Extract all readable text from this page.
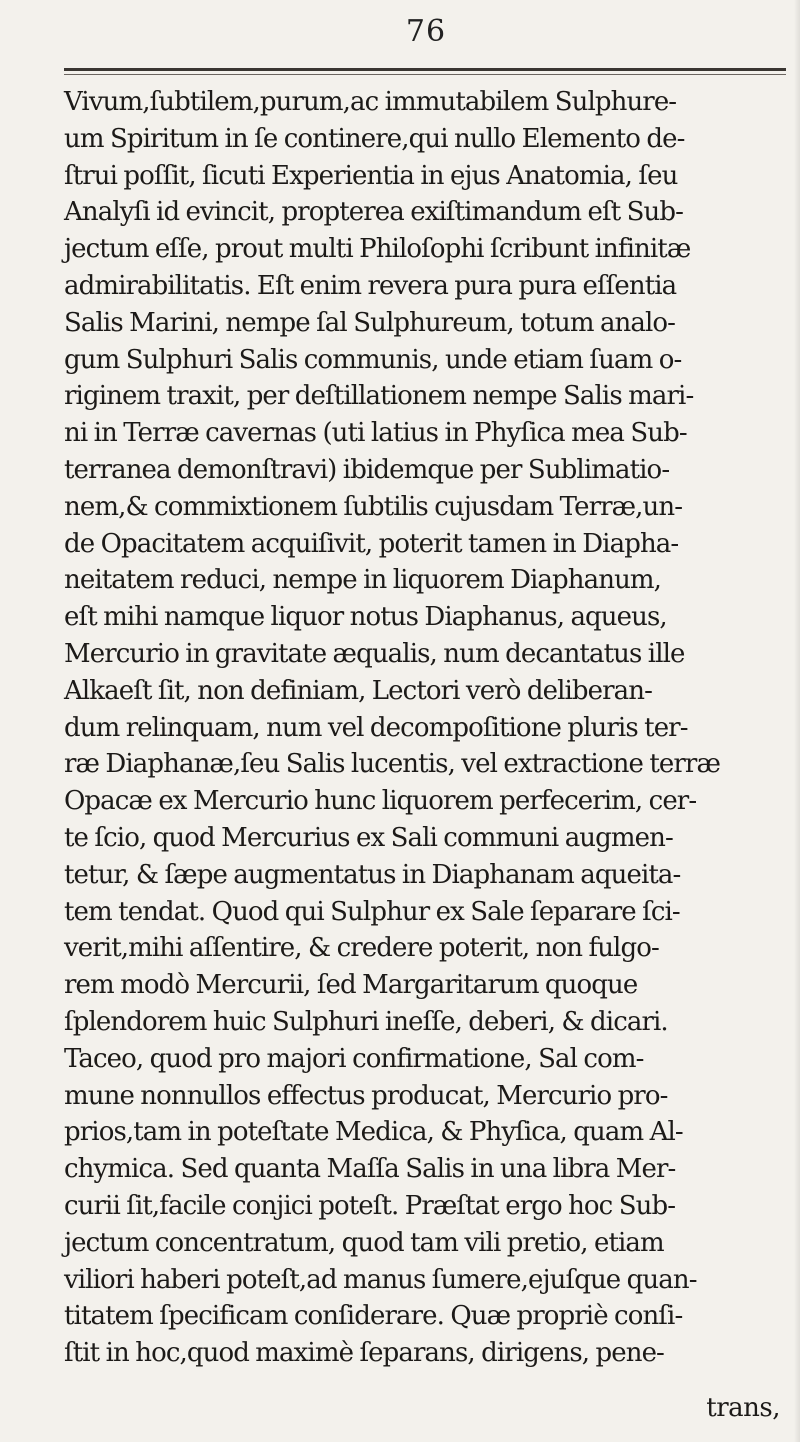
76
Vivum,ſubtilem,purum,ac immutabilem Sulphure-
um Spiritum in ſe continere,qui nullo Elemento de-
ſtrui poſſit, ſicuti Experientia in ejus Anatomia, ſeu
Analyſi id evincit, propterea exiſtimandum eſt Sub-
jectum eſſe, prout multi Philoſophi ſcribunt infinitæ
admirabilitatis. Eſt enim revera pura pura eſſentia
Salis Marini, nempe ſal Sulphureum, totum analo-
gum Sulphuri Salis communis, unde etiam ſuam o-
riginem traxit, per deſtillationem nempe Salis mari-
ni in Terræ cavernas (uti latius in Phyſica mea Sub-
terranea demonſtravi) ibidemque per Sublimatio-
nem,& commixtionem ſubtilis cujusdam Terræ,un-
de Opacitatem acquiſivit, poterit tamen in Diapha-
neitatem reduci, nempe in liquorem Diaphanum,
eſt mihi namque liquor notus Diaphanus, aqueus,
Mercurio in gravitate æqualis, num decantatus ille
Alkaeſt ſit, non definiam, Lectori verò deliberan-
dum relinquam, num vel decompoſitione pluris ter-
ræ Diaphanæ,ſeu Salis lucentis, vel extractione terræ
Opacæ ex Mercurio hunc liquorem perfecerim, cer-
te ſcio, quod Mercurius ex Sali communi augmen-
tetur, & ſæpe augmentatus in Diaphanam aqueita-
tem tendat. Quod qui Sulphur ex Sale ſeparare ſci-
verit,mihi aſſentire, & credere poterit, non fulgo-
rem modò Mercurii, ſed Margaritarum quoque
ſplendorem huic Sulphuri ineſſe, deberi, & dicari.
Taceo, quod pro majori confirmatione, Sal com-
mune nonnullos effectus producat, Mercurio pro-
prios,tam in poteſtate Medica, & Phyſica, quam Al-
chymica. Sed quanta Maſſa Salis in una libra Mer-
curii ſit,facile conjici poteſt. Præſtat ergo hoc Sub-
jectum concentratum, quod tam vili pretio, etiam
viliori haberi poteſt,ad manus ſumere,ejuſque quan-
titatem ſpecificam conſiderare. Quæ propriè conſi-
ſtit in hoc,quod maximè ſeparans, dirigens, pene-
trans,
